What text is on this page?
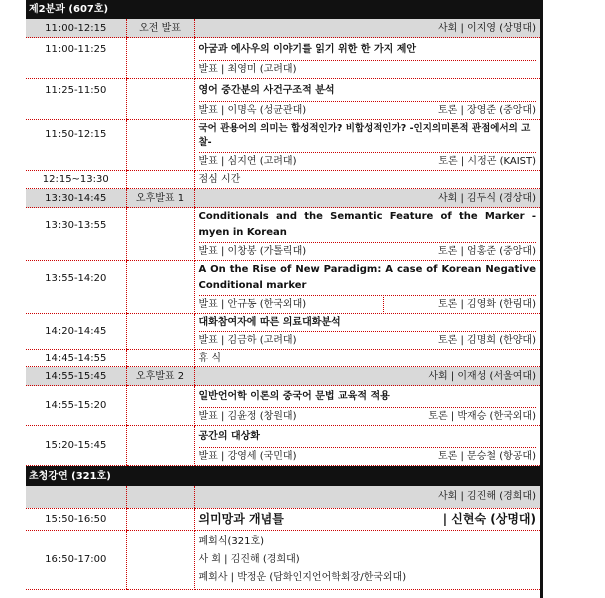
제2분과 (607호)		
11:00-12:15	오전 발표	사회 | 이지영 (상명대)
11:00-11:25		아굼과 에사우의 이야기를 읽기 위한 한 가지 제안
발표 | 최영미 (고려대)

11:25-11:50		영어 중간분의 사건구조적 분석
발표 | 이명옥 (성균관대) 토론 | 장영준 (중앙대)

11:50-12:15		국어 관용어의 의미는 합성적인가? 비합성적인가? -인지의미론적 관점에서의 고찰-
발표 | 심지연 (고려대) 토론 | 시정곤 (KAIST)

12:15~13:30		점심 시간
13:30-14:45	오후발표 1	사회 | 김두식 (경상대)
13:30-13:55		Conditionals and the Semantic Feature of the Marker -myen in Korean
발표 | 이창봉 (가톨릭대) 토론 | 엄홍준 (중앙대)

13:55-14:20		A On the Rise of New Paradigm: A case of Korean Negative Conditional marker
발표 | 안규동 (한국외대) 토론 | 김영화 (한림대)

14:20-14:45		대화참여자에 따른 의료대화분석
발표 | 김금하 (고려대) 토론 | 김명희 (한양대)

14:45-14:55		휴 식
14:55-15:45	오후발표 2	사회 | 이재성 (서울여대)
14:55-15:20		일반언어학 이론의 중국어 문법 교육적 적용
발표 | 김윤정 (창원대) 토론 | 박재승 (한국외대)

15:20-15:45		공간의 대상화
발표 | 강영세 (국민대) 토론 | 문승철 (항공대)

초청강연 (321호)		
		사회 | 김진해 (경희대)
15:50-16:50		의미망과 개념틀 | 신현숙 (상명대)

16:50-17:00		폐회식(321호)
사 회 | 김진해 (경희대)
폐회사 | 박정운 (담화인지언어학회장/한국외대)
